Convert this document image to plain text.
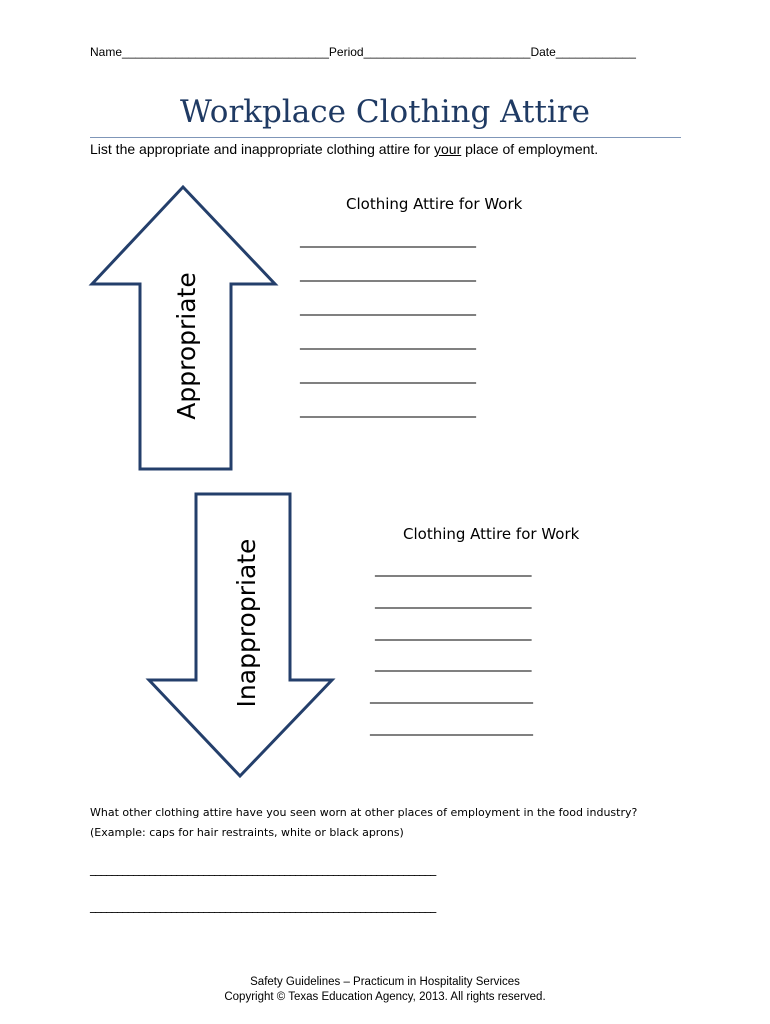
Name_______________________________Period_________________________Date____________
Workplace Clothing Attire
List the appropriate and inappropriate clothing attire for your place of employment.
Appropriate
Inappropriate
Clothing Attire for Work
___________________________
___________________________
___________________________
___________________________
___________________________
___________________________
Clothing Attire for Work
________________________
________________________
________________________
________________________
_________________________
_________________________
What other clothing attire have you seen worn at other places of employment in the food industry?
(Example: caps for hair restraints, white or black aprons)
________________________________________________________________
________________________________________________________________
Safety Guidelines – Practicum in Hospitality Services
Copyright © Texas Education Agency, 2013. All rights reserved.
